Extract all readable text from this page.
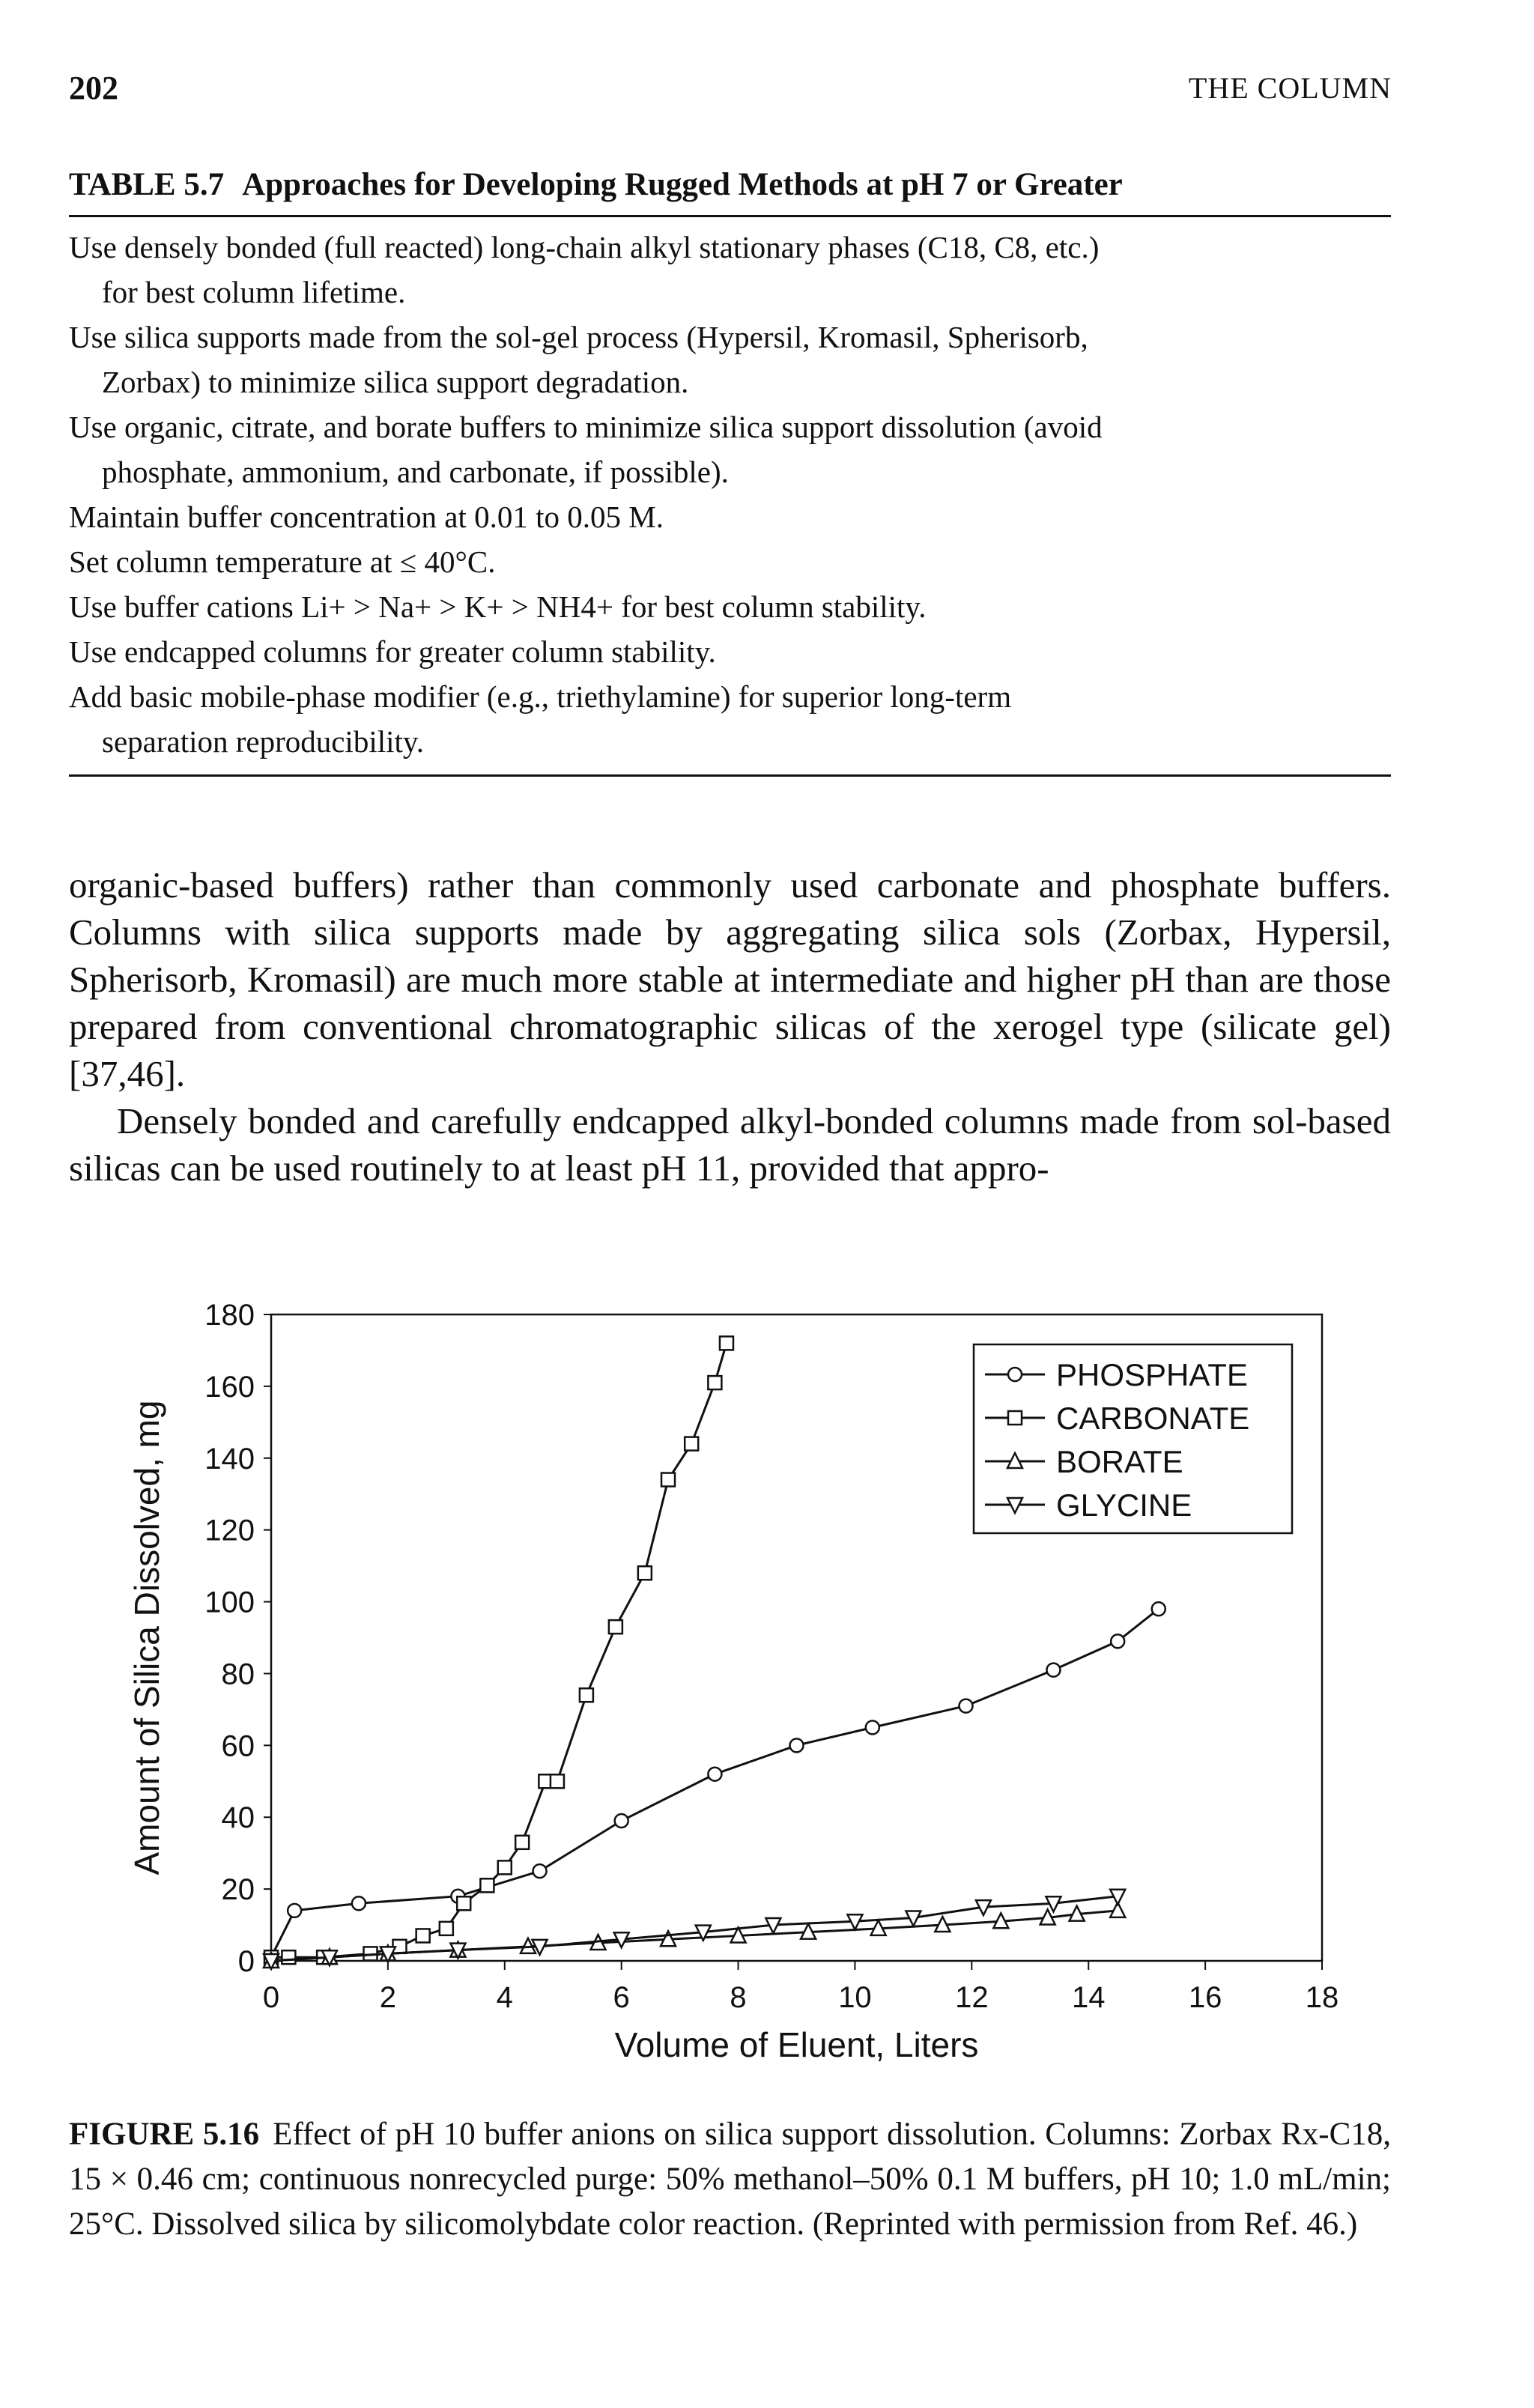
202	THE COLUMN
TABLE 5.7 Approaches for Developing Rugged Methods at pH 7 or Greater
Use densely bonded (full reacted) long-chain alkyl stationary phases (C18, C8, etc.)
for best column lifetime.
Use silica supports made from the sol-gel process (Hypersil, Kromasil, Spherisorb,
Zorbax) to minimize silica support degradation.
Use organic, citrate, and borate buffers to minimize silica support dissolution (avoid
phosphate, ammonium, and carbonate, if possible).
Maintain buffer concentration at 0.01 to 0.05 M.
Set column temperature at ≤ 40°C.
Use buffer cations Li+ > Na+ > K+ > NH4+ for best column stability.
Use endcapped columns for greater column stability.
Add basic mobile-phase modifier (e.g., triethylamine) for superior long-term
separation reproducibility.

organic-based buffers) rather than commonly used carbonate and phosphate buffers. Columns with silica supports made by aggregating silica sols (Zorbax, Hypersil, Spherisorb, Kromasil) are much more stable at intermediate and higher pH than are those prepared from conventional chromatographic silicas of the xerogel type (silicate gel) [37,46].

Densely bonded and carefully endcapped alkyl-bonded columns made from sol-based silicas can be used routinely to at least pH 11, provided that appro-

0
20
40
60
80
100
120
140
160
180
0	2	4	6	8	10	12	14	16	18
Volume of Eluent, Liters
Amount of Silica Dissolved, mg
PHOSPHATE
CARBONATE
BORATE
GLYCINE
FIGURE 5.16 Effect of pH 10 buffer anions on silica support dissolution. Columns: Zorbax Rx-C18, 15 × 0.46 cm; continuous nonrecycled purge: 50% methanol–50% 0.1 M buffers, pH 10; 1.0 mL/min; 25°C. Dissolved silica by silicomolybdate color reaction. (Reprinted with permission from Ref. 46.)
